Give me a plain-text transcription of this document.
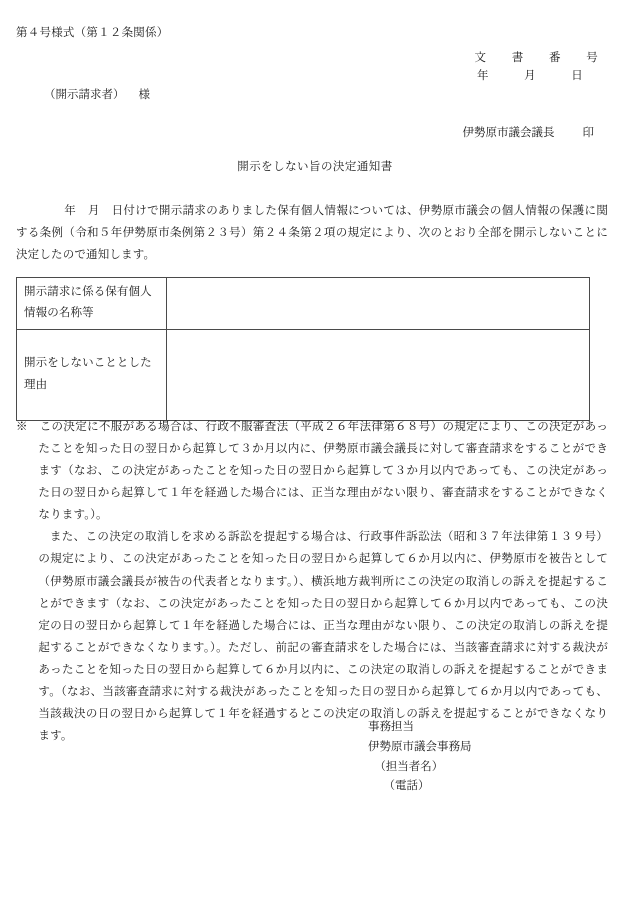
第４号様式（第１２条関係）
文　書　番　号
年　月　日
（開示請求者） 様
伊勢原市議会議長 印
開示をしない旨の決定通知書
年　月　日付けで開示請求のありました保有個人情報については、伊勢原市議会の個人情報の保護に関する条例（令和５年伊勢原市条例第２３号）第２４条第２項の規定により、次のとおり全部を開示しないことに決定したので通知します。
開示請求に係る保有個人情報の名称等	
開示をしないこととした理由	

※　この決定に不服がある場合は、行政不服審査法（平成２６年法律第６８号）の規定により、この決定があったことを知った日の翌日から起算して３か月以内に、伊勢原市議会議長に対して審査請求をすることができます（なお、この決定があったことを知った日の翌日から起算して３か月以内であっても、この決定があった日の翌日から起算して１年を経過した場合には、正当な理由がない限り、審査請求をすることができなくなります。）。

また、この決定の取消しを求める訴訟を提起する場合は、行政事件訴訟法（昭和３７年法律第１３９号）の規定により、この決定があったことを知った日の翌日から起算して６か月以内に、伊勢原市を被告として（伊勢原市議会議長が被告の代表者となります。）、横浜地方裁判所にこの決定の取消しの訴えを提起することができます（なお、この決定があったことを知った日の翌日から起算して６か月以内であっても、この決定の日の翌日から起算して１年を経過した場合には、正当な理由がない限り、この決定の取消しの訴えを提起することができなくなります。）。ただし、前記の審査請求をした場合には、当該審査請求に対する裁決があったことを知った日の翌日から起算して６か月以内に、この決定の取消しの訴えを提起することができます。（なお、当該審査請求に対する裁決があったことを知った日の翌日から起算して６か月以内であっても、当該裁決の日の翌日から起算して１年を経過するとこの決定の取消しの訴えを提起することができなくなります。

事務担当
伊勢原市議会事務局
（担当者名）
（電話）
